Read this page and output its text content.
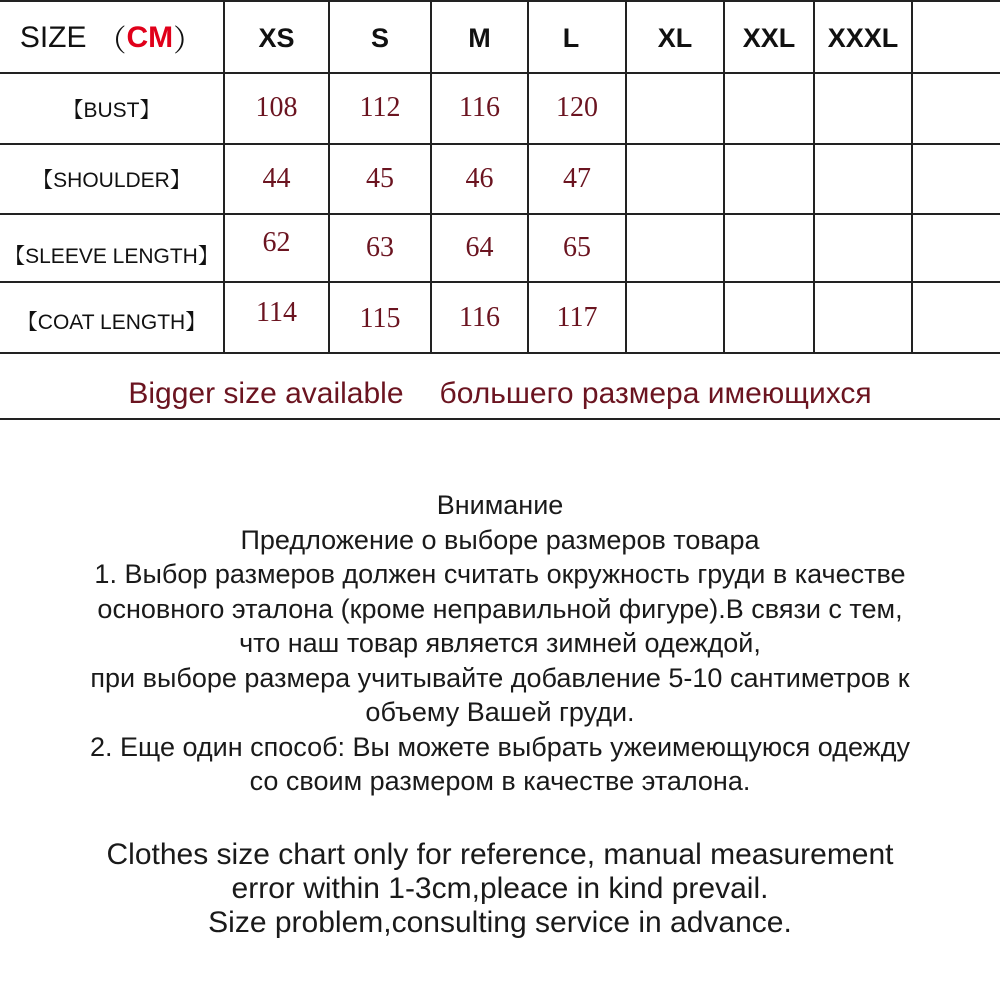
SIZE （ CM ）	XS	S	M	L	XL	XXL	XXXL
【BUST】	108	112	116	120
【SHOULDER】	44	45	46	47
【SLEEVE LENGTH】	62	63	64	65
【COAT LENGTH】	114	115	116	117
Bigger size available большего размера имеющихся
Внимание
Предложение о выборе размеров товара
1. Выбор размеров должен считать окружность груди в качестве
основного эталона (кроме неправильной фигуре).В связи с тем,
что наш товар является зимней одеждой,
при выборе размера учитывайте добавление 5-10 сантиметров к
объему Вашей груди.
2. Еще один способ: Вы можете выбрать ужеимеющуюся одежду
со своим размером в качестве эталона.
Clothes size chart only for reference, manual measurement
error within 1-3cm,pleace in kind prevail.
Size problem,consulting service in advance.
